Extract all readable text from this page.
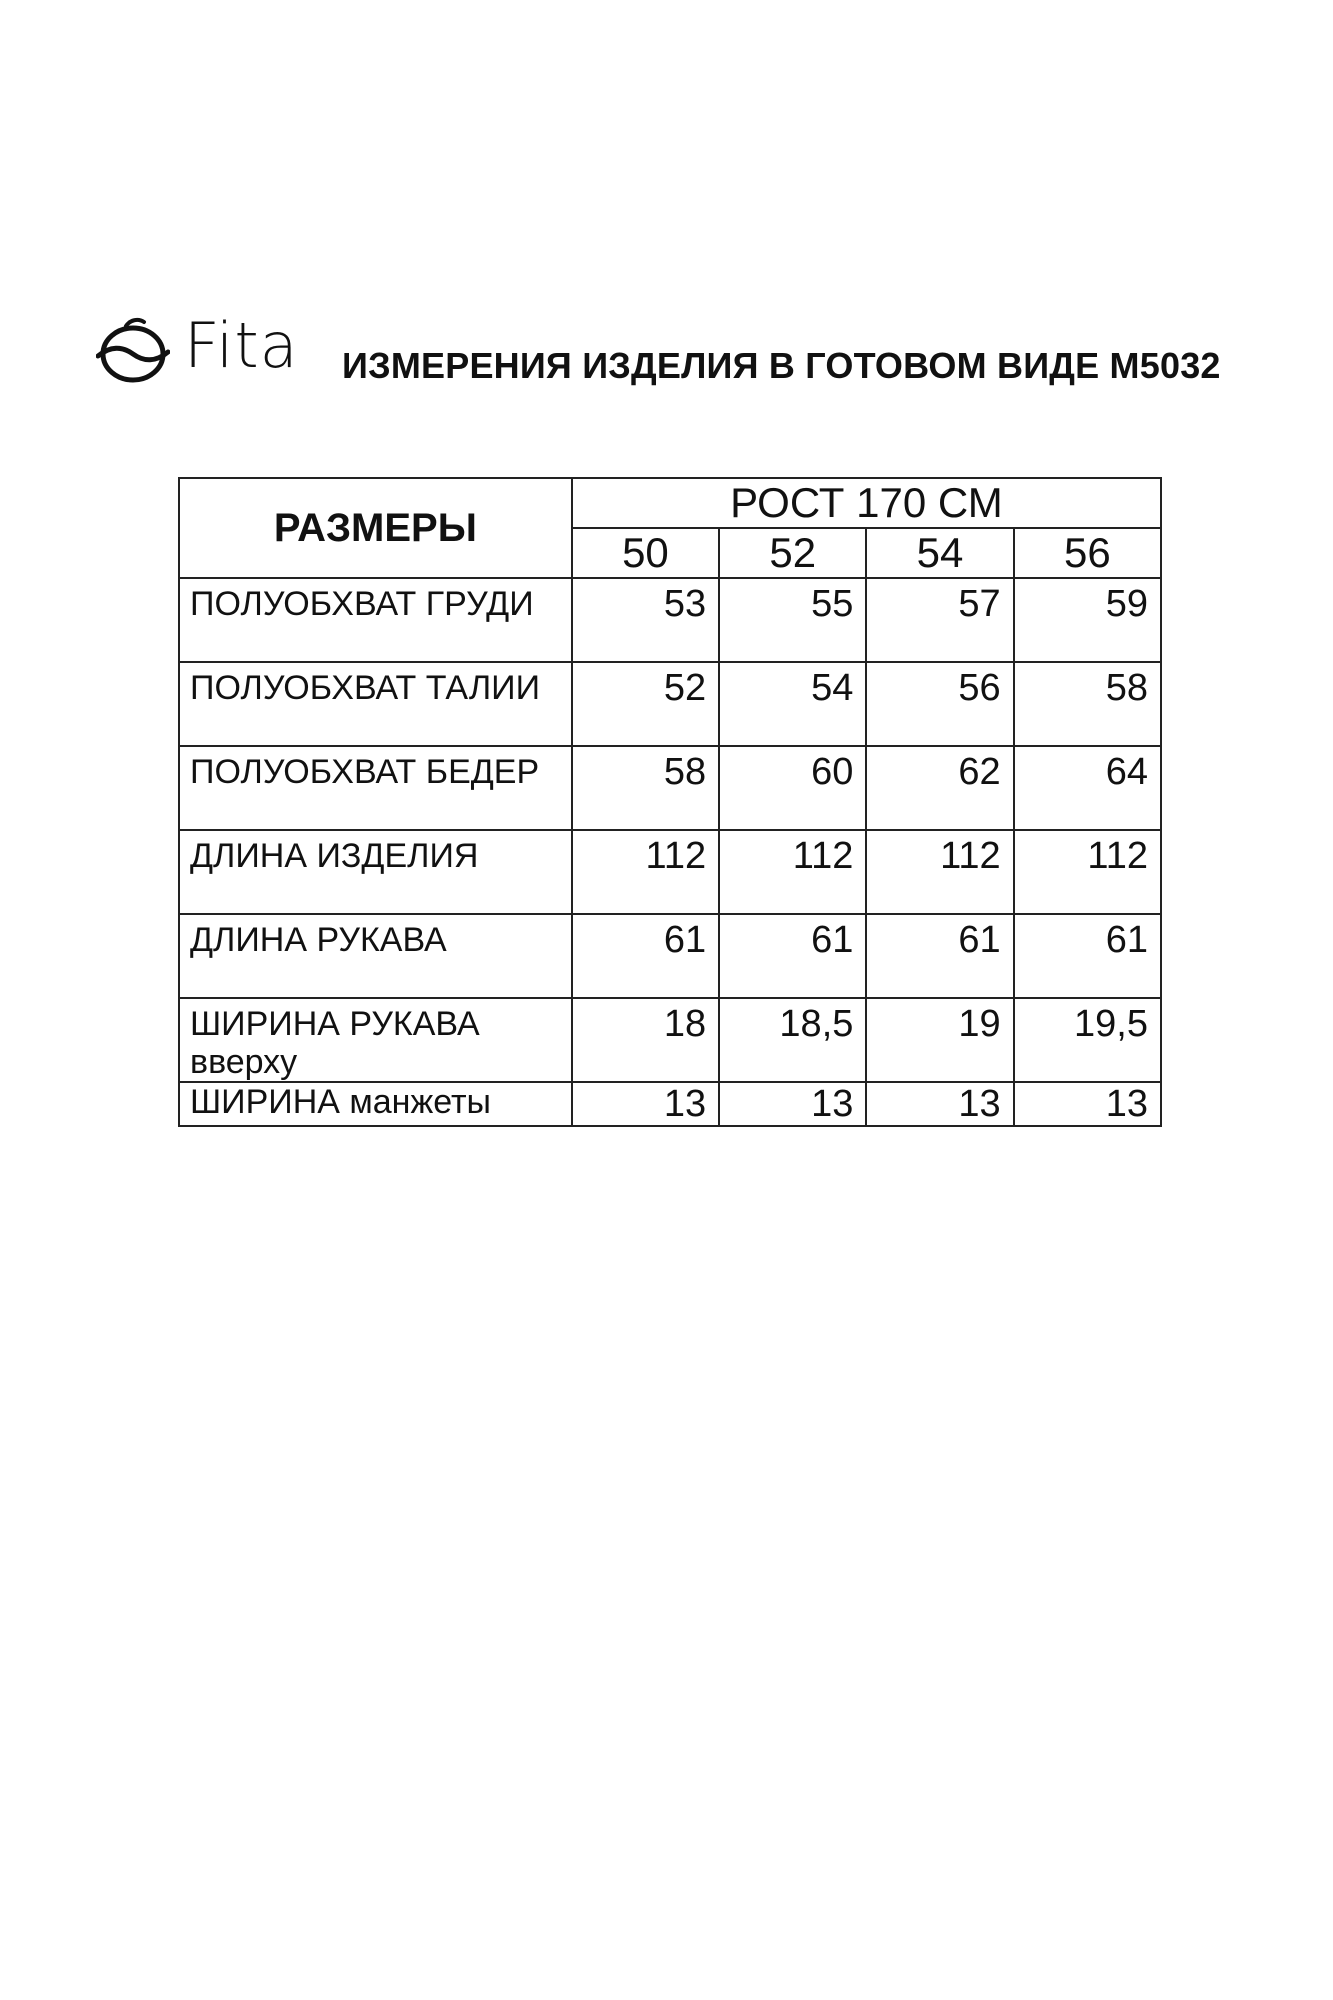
Fita ИЗМЕРЕНИЯ ИЗДЕЛИЯ В ГОТОВОМ ВИДЕ М5032
РАЗМЕРЫ	РОСТ 170 СМ			
	50	52	54	56
ПОЛУОБХВАТ ГРУДИ	53	55	57	59
ПОЛУОБХВАТ ТАЛИИ	52	54	56	58
ПОЛУОБХВАТ БЕДЕР	58	60	62	64
ДЛИНА ИЗДЕЛИЯ	112	112	112	112
ДЛИНА РУКАВА	61	61	61	61
ШИРИНА РУКАВА вверху	18	18,5	19	19,5
ШИРИНА манжеты	13	13	13	13
